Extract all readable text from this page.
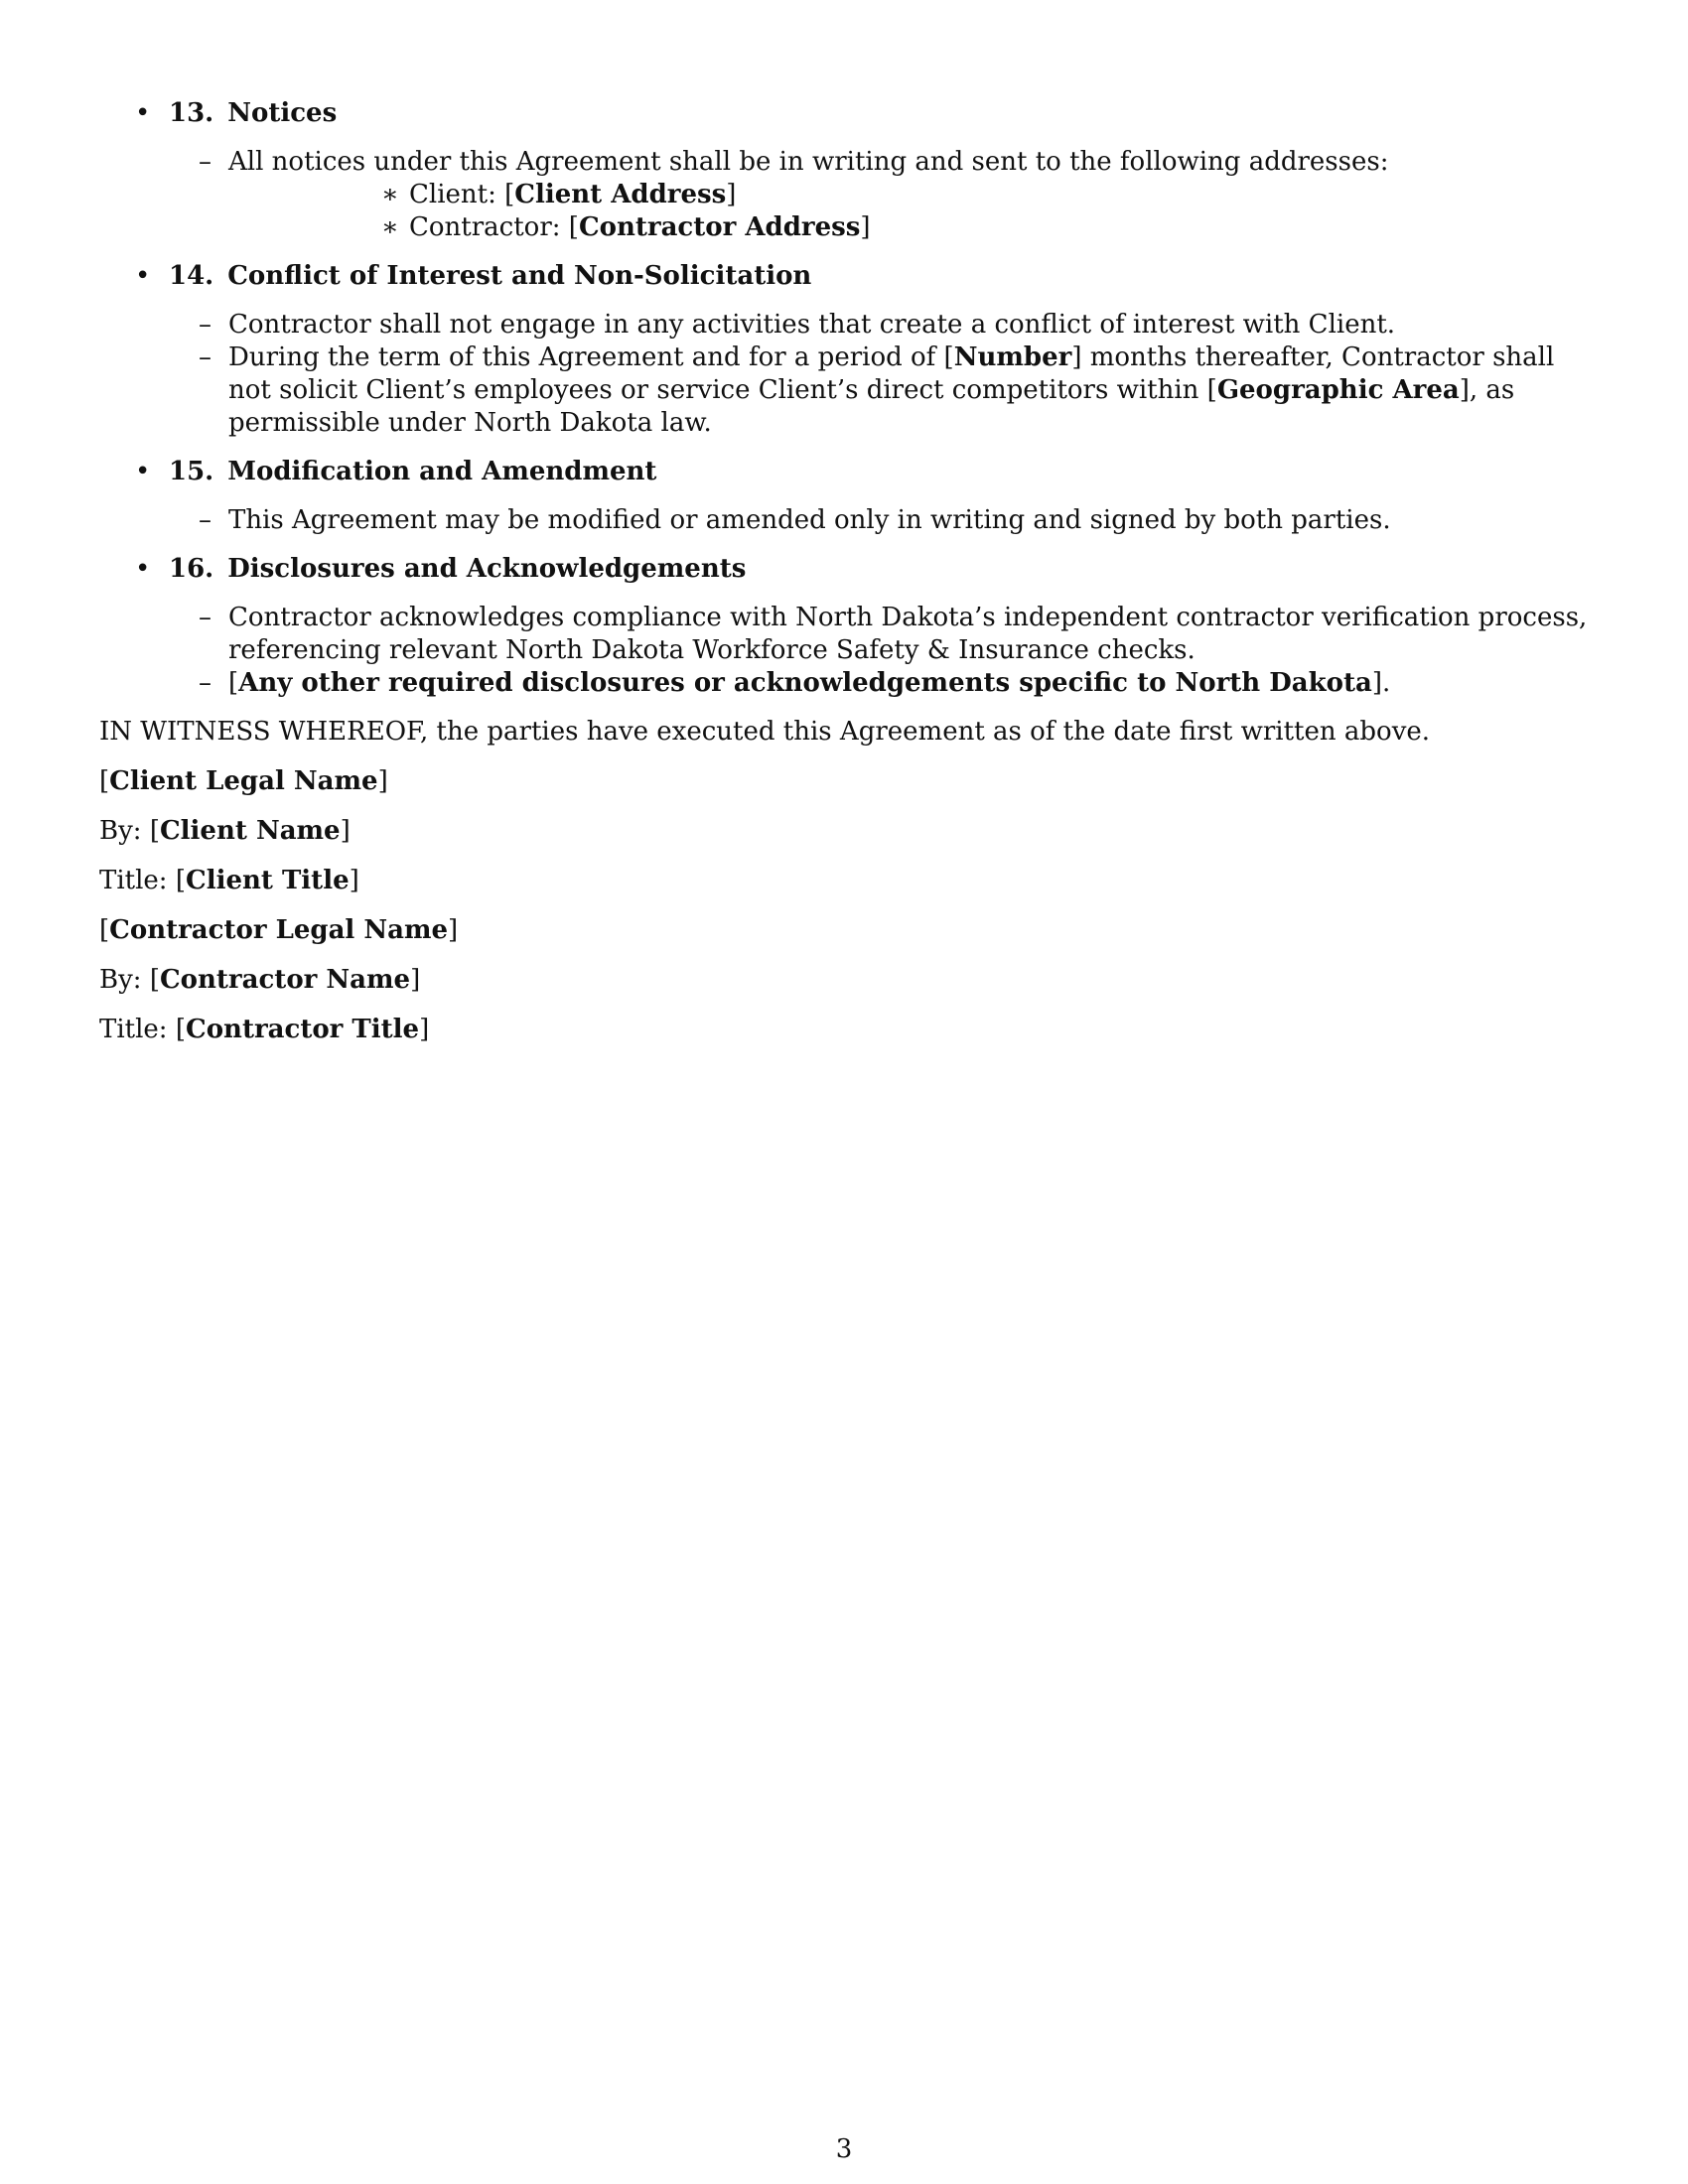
• 13. Notices
– All notices under this Agreement shall be in writing and sent to the following addresses:
∗ Client: [Client Address]
∗ Contractor: [Contractor Address]
• 14. Conflict of Interest and Non-Solicitation
– Contractor shall not engage in any activities that create a conflict of interest with Client.
– During the term of this Agreement and for a period of [Number] months thereafter, Contractor shall not solicit Client’s employees or service Client’s direct competitors within [Geographic Area], as permissible under North Dakota law.
• 15. Modification and Amendment
– This Agreement may be modified or amended only in writing and signed by both parties.
• 16. Disclosures and Acknowledgements
– Contractor acknowledges compliance with North Dakota’s independent contractor verification process, referencing relevant North Dakota Workforce Safety & Insurance checks.
– [Any other required disclosures or acknowledgements specific to North Dakota].

IN WITNESS WHEREOF, the parties have executed this Agreement as of the date first written above.

[Client Legal Name]

By: [Client Name]

Title: [Client Title]

[Contractor Legal Name]

By: [Contractor Name]

Title: [Contractor Title]

3
